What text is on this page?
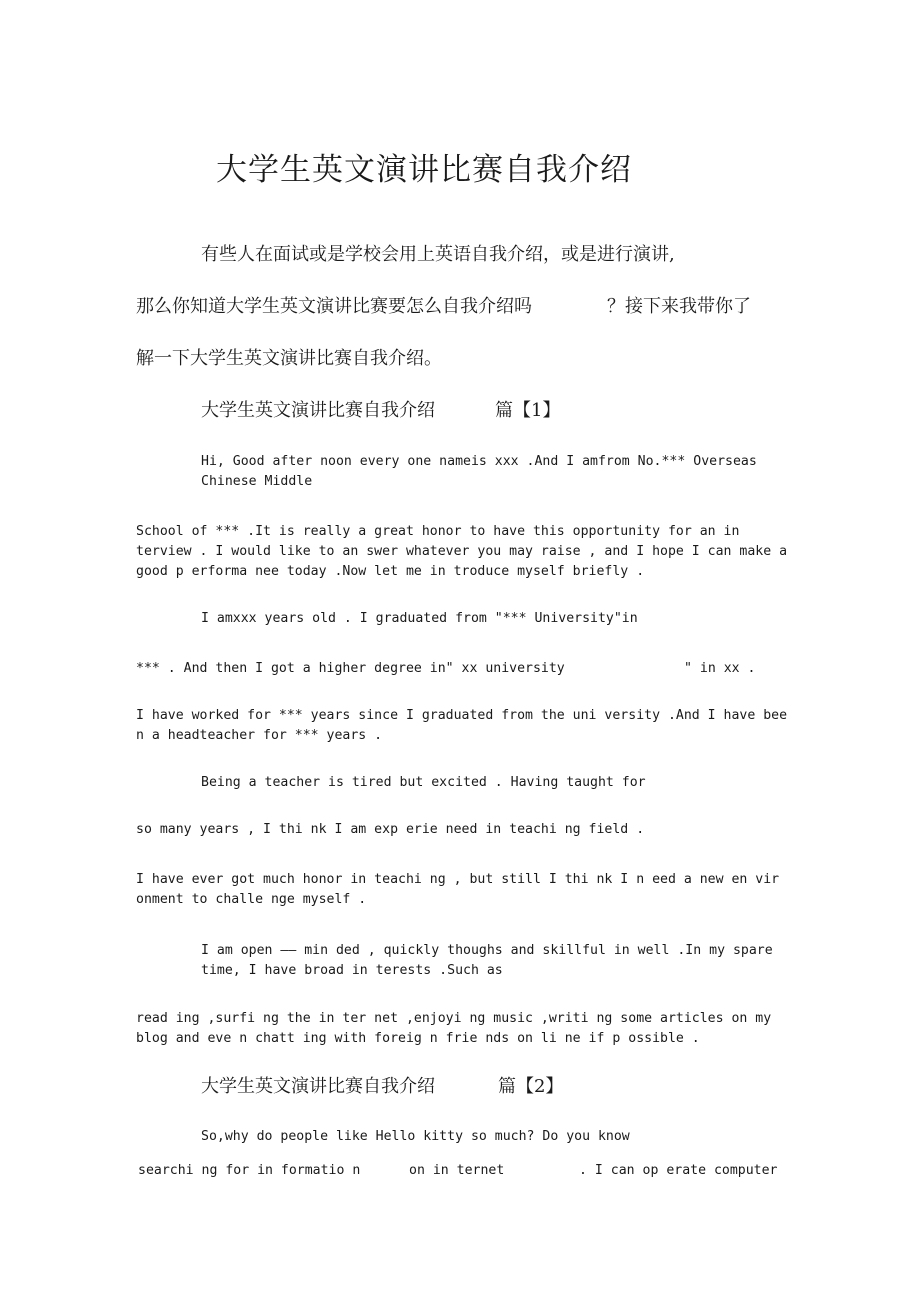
大学生英文演讲比赛自我介绍
有些人在面试或是学校会用上英语自我介绍，或是进行演讲,
那么你知道大学生英文演讲比赛要怎么自我介绍吗	？接下来我带你了
解一下大学生英文演讲比赛自我介绍。
大学生英文演讲比赛自我介绍	篇【1】
Hi, Good after noon every one nameis xxx .And I amfrom No.*** Overseas
Chinese Middle
School of *** .It is really a great honor to have this opportunity for an in
terview . I would like to an swer whatever you may raise , and I hope I can make a
good p erforma nee today .Now let me in troduce myself briefly .
I amxxx years old . I graduated from "*** University"in
*** . And then I got a higher degree in" xx university	" in xx .
I have worked for *** years since I graduated from the uni versity .And I have bee
n a headteacher for *** years .
Being a teacher is tired but excited . Having taught for
so many years , I thi nk I am exp erie need in teachi ng field .
I have ever got much honor in teachi ng , but still I thi nk I n eed a new en vir
onment to challe nge myself .
I am open —— min ded , quickly thoughs and skillful in well .In my spare
time, I have broad in terests .Such as
read ing ,surfi ng the in ter net ,enjoyi ng music ,writi ng some articles on my
blog and eve n chatt ing with foreig n frie nds on li ne if p ossible .
大学生英文演讲比赛自我介绍	篇【2】
So,why do people like Hello kitty so much? Do you know
searchi ng for in formatio n	on in ternet	. I can op erate computer
